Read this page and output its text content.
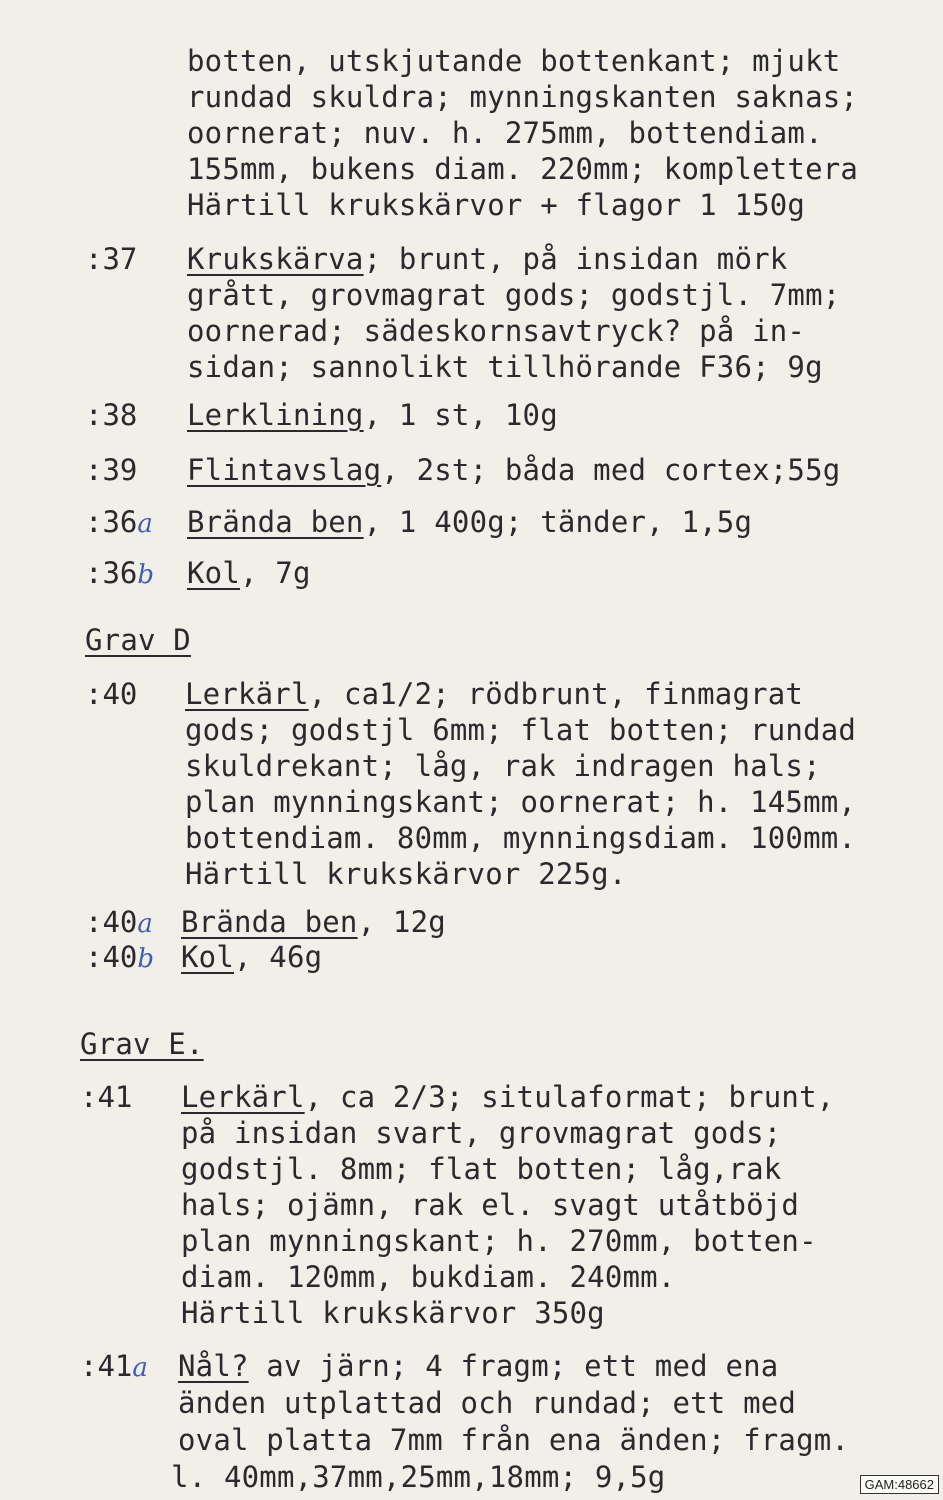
botten, utskjutande bottenkant; mjukt
rundad skuldra; mynningskanten saknas;
oornerat; nuv. h. 275mm, bottendiam.
155mm, bukens diam. 220mm; komplettera
Härtill krukskärvor + flagor 1 150g
:37 Krukskärva; brunt, på insidan mörk
grått, grovmagrat gods; godstjl. 7mm;
oornerad; sädeskornsavtryck? på in-
sidan; sannolikt tillhörande F36; 9g
:38 Lerklining, 1 st, 10g
:39 Flintavslag, 2st; båda med cortex;55g
:36a Brända ben, 1 400g; tänder, 1,5g
:36b Kol, 7g
Grav D
:40 Lerkärl, ca1/2; rödbrunt, finmagrat
gods; godstjl 6mm; flat botten; rundad
skuldrekant; låg, rak indragen hals;
plan mynningskant; oornerat; h. 145mm,
bottendiam. 80mm, mynningsdiam. 100mm.
Härtill krukskärvor 225g.
:40a Brända ben, 12g
:40b Kol, 46g
Grav E.
:41 Lerkärl, ca 2/3; situlaformat; brunt,
på insidan svart, grovmagrat gods;
godstjl. 8mm; flat botten; låg,rak
hals; ojämn, rak el. svagt utåtböjd
plan mynningskant; h. 270mm, botten-
diam. 120mm, bukdiam. 240mm.
Härtill krukskärvor 350g
:41a Nål? av järn; 4 fragm; ett med ena
änden utplattad och rundad; ett med
oval platta 7mm från ena änden; fragm.
l. 40mm,37mm,25mm,18mm; 9,5g	GAM:48662
